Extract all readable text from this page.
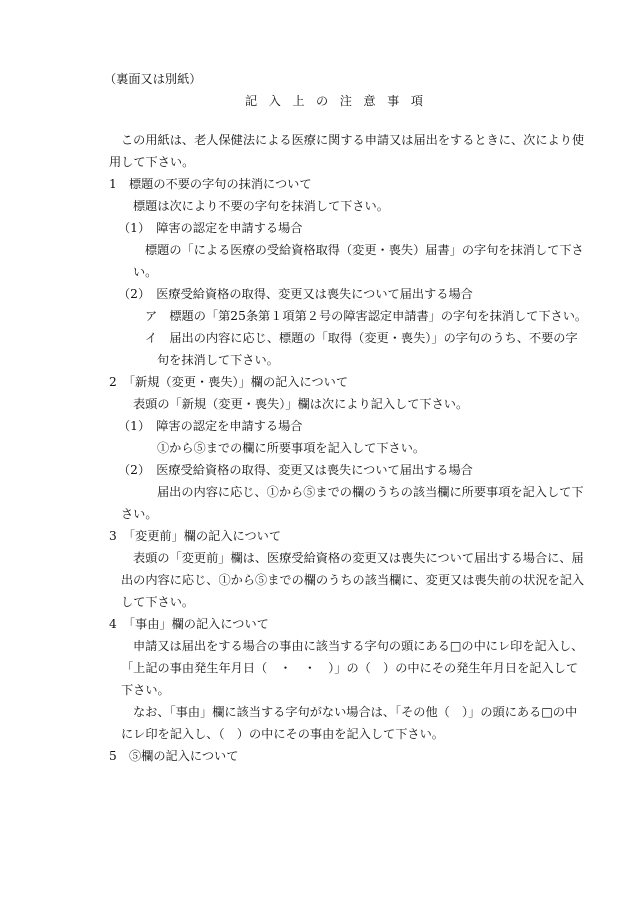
（裏面又は別紙）
記入上の注意事項
この用紙は、老人保健法による医療に関する申請又は届出をするときに、次により使
用して下さい。
1　標題の不要の字句の抹消について
標題は次により不要の字句を抹消して下さい。
（1）　障害の認定を申請する場合
標題の「による医療の受給資格取得（変更・喪失）届書」の字句を抹消して下さ
い。
（2）　医療受給資格の取得、変更又は喪失について届出する場合
ア　標題の「第25条第１項第２号の障害認定申請書」の字句を抹消して下さい。
イ　届出の内容に応じ、標題の「取得（変更・喪失）」の字句のうち、不要の字
句を抹消して下さい。
2　「新規（変更・喪失）」欄の記入について
表頭の「新規（変更・喪失）」欄は次により記入して下さい。
（1）　障害の認定を申請する場合
①から⑤までの欄に所要事項を記入して下さい。
（2）　医療受給資格の取得、変更又は喪失について届出する場合
届出の内容に応じ、①から⑤までの欄のうちの該当欄に所要事項を記入して下
さい。
3　「変更前」欄の記入について
表頭の「変更前」欄は、医療受給資格の変更又は喪失について届出する場合に、届
出の内容に応じ、①から⑤までの欄のうちの該当欄に、変更又は喪失前の状況を記入
して下さい。
4　「事由」欄の記入について
申請又は届出をする場合の事由に該当する字句の頭にある□の中にレ印を記入し、
「上記の事由発生年月日（　・　・　）」の（　）の中にその発生年月日を記入して
下さい。
なお、「事由」欄に該当する字句がない場合は、「その他（　）」の頭にある□の中
にレ印を記入し、（　）の中にその事由を記入して下さい。
5　⑤欄の記入について
